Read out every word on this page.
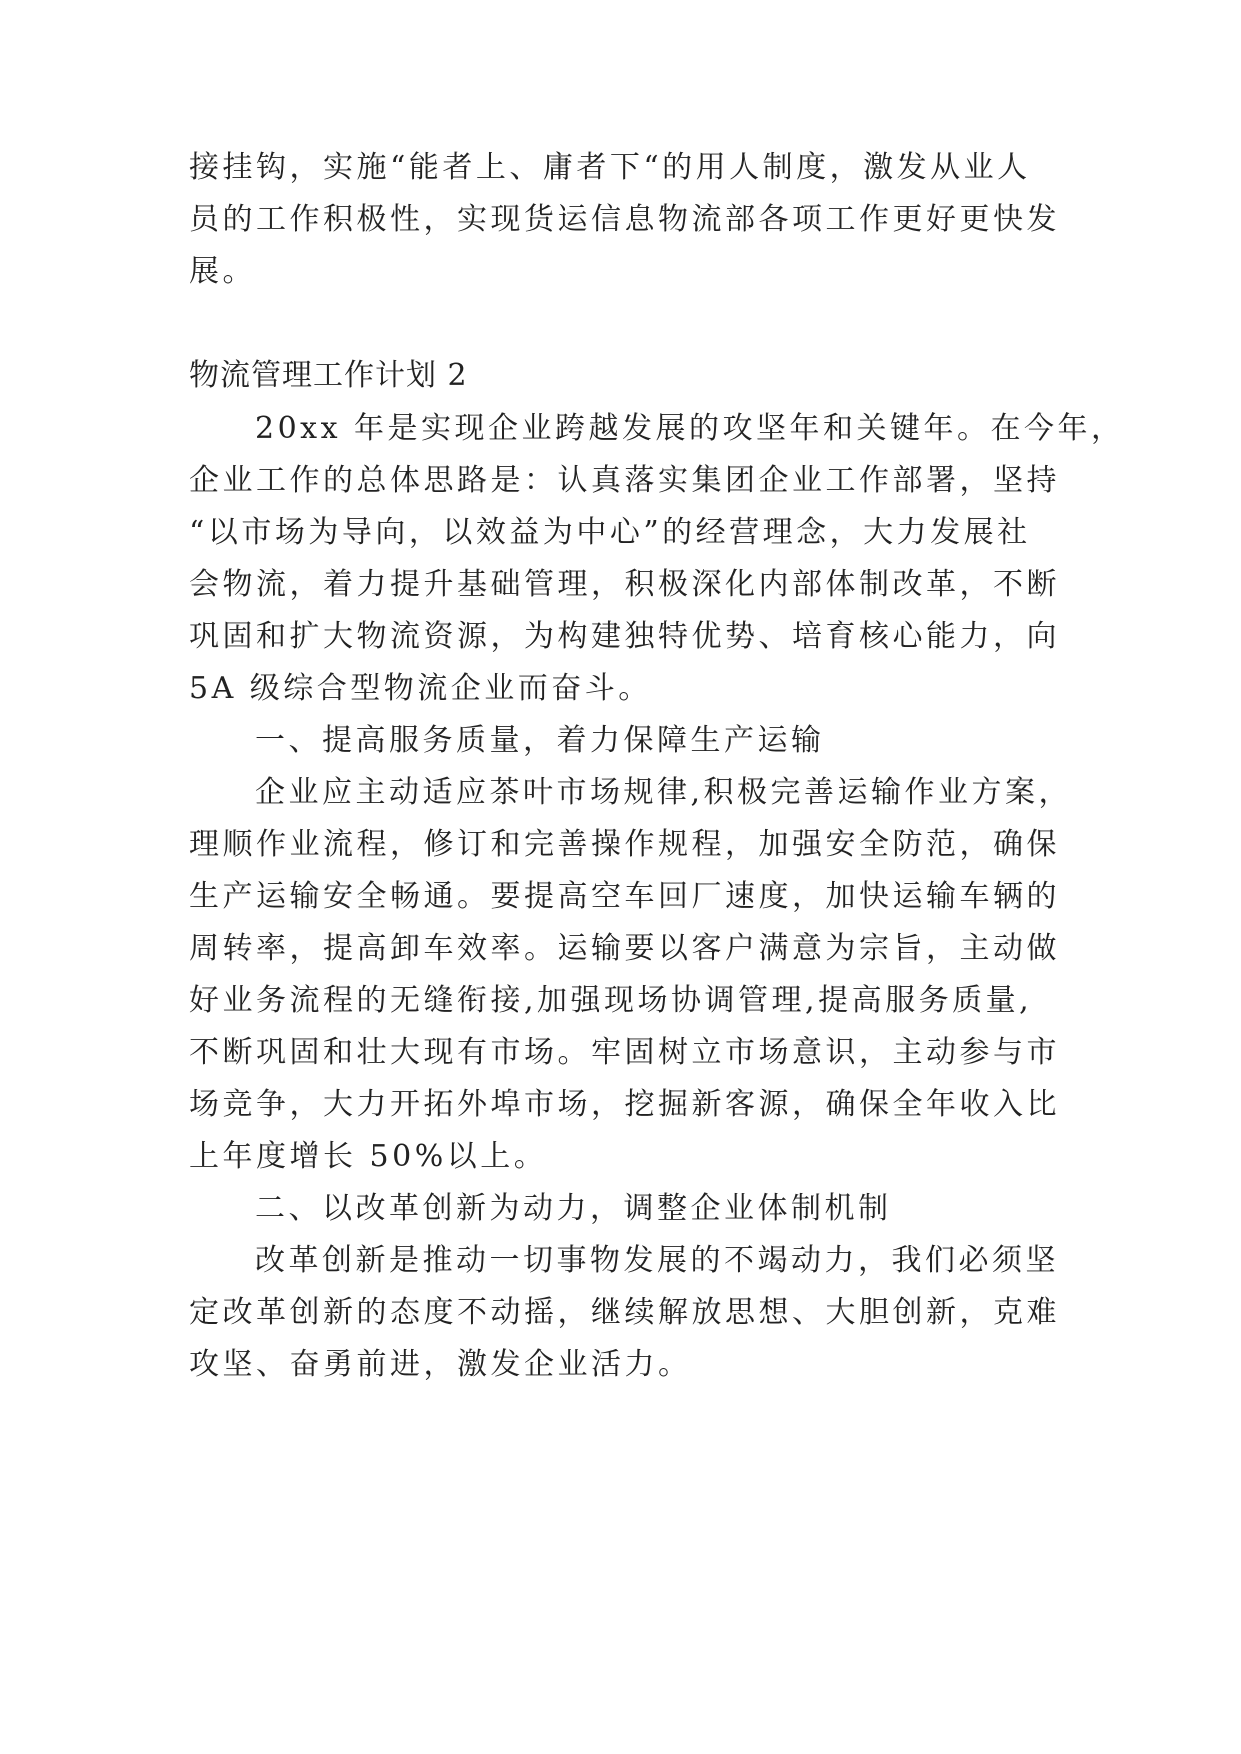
接挂钩，实施“能者上、庸者下“的用人制度，激发从业人
员的工作积极性，实现货运信息物流部各项工作更好更快发
展。
物流管理工作计划 2
20xx 年是实现企业跨越发展的攻坚年和关键年。在今年，
企业工作的总体思路是：认真落实集团企业工作部署，坚持
“以市场为导向，以效益为中心”的经营理念，大力发展社
会物流，着力提升基础管理，积极深化内部体制改革，不断
巩固和扩大物流资源，为构建独特优势、培育核心能力，向
5A 级综合型物流企业而奋斗。
一、提高服务质量，着力保障生产运输
企业应主动适应茶叶市场规律,积极完善运输作业方案，
理顺作业流程，修订和完善操作规程，加强安全防范，确保
生产运输安全畅通。要提高空车回厂速度，加快运输车辆的
周转率，提高卸车效率。运输要以客户满意为宗旨，主动做
好业务流程的无缝衔接,加强现场协调管理,提高服务质量,
不断巩固和壮大现有市场。牢固树立市场意识，主动参与市
场竞争，大力开拓外埠市场，挖掘新客源，确保全年收入比
上年度增长 50%以上。
二、以改革创新为动力，调整企业体制机制
改革创新是推动一切事物发展的不竭动力，我们必须坚
定改革创新的态度不动摇，继续解放思想、大胆创新，克难
攻坚、奋勇前进，激发企业活力。
